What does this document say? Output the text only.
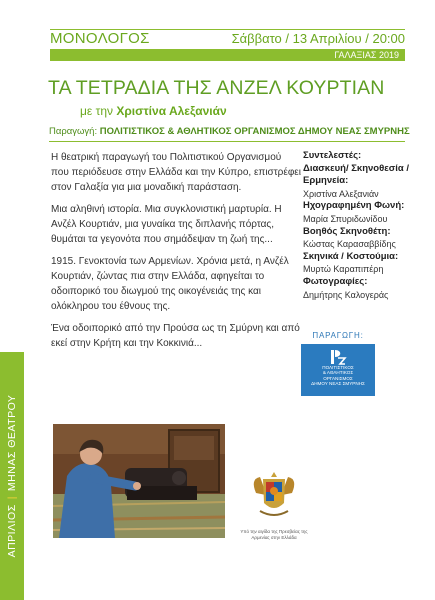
ΜΟΝΟΛΟΓΟΣ	Σάββατο / 13 Απριλίου / 20:00
ΓΑΛΑΞΙΑΣ 2019
ΤΑ ΤΕΤΡΑΔΙΑ ΤΗΣ ΑΝΖΕΛ ΚΟΥΡΤΙΑΝ
με την Χριστίνα Αλεξανιάν
Παραγωγή: ΠΟΛΙΤΙΣΤΙΚΟΣ & ΑΘΛΗΤΙΚΟΣ ΟΡΓΑΝΙΣΜΟΣ ΔΗΜΟΥ ΝΕΑΣ ΣΜΥΡΝΗΣ

Η θεατρική παραγωγή του Πολιτιστικού Οργανισμού που περιόδευσε στην Ελλάδα και την Κύπρο, επιστρέφει στον Γαλαξία για μια μοναδική παράσταση.

Μια αληθινή ιστορία. Μια συγκλονιστική μαρτυρία. Η Ανζέλ Κουρτιάν, μια γυναίκα της διπλανής πόρτας, θυμάται τα γεγονότα που σημάδεψαν τη ζωή της...

1915. Γενοκτονία των Αρμενίων. Χρόνια μετά, η Ανζέλ Κουρτιάν, ζώντας πια στην Ελλάδα, αφηγείται το οδοιπορικό του διωγμού της οικογένειάς της και ολόκληρου του έθνους της.

Ένα οδοιπορικό από την Προύσα ως τη Σμύρνη και από εκεί στην Κρήτη και την Κοκκινιά...

Συντελεστές:
Διασκευή/ Σκηνοθεσία / Ερμηνεία:
Χριστίνα Αλεξανιάν
Ηχογραφημένη Φωνή:
Μαρία Σπυριδωνίδου
Βοηθός Σκηνοθέτη:
Κώστας Καρασαββίδης
Σκηνικά / Κοστούμια:
Μυρτώ Καραπιπέρη
Φωτογραφίες:
Δημήτρης Καλογεράς
ΠΑΡΑΓΩΓΗ:
ΠΟΛΙΤΙΣΤΙΚΟΣ
& ΑΘΛΗΤΙΚΟΣ
ΟΡΓΑΝΙΣΜΟΣ
ΔΗΜΟΥ ΝΕΑΣ ΣΜΥΡΝΗΣ
Υπό την αιγίδα της Πρεσβείας της Αρμενίας στην Ελλάδα
ΑΠΡΙΛΙΟΣ|ΜΗΝΑΣ ΘΕΑΤΡΟΥ
